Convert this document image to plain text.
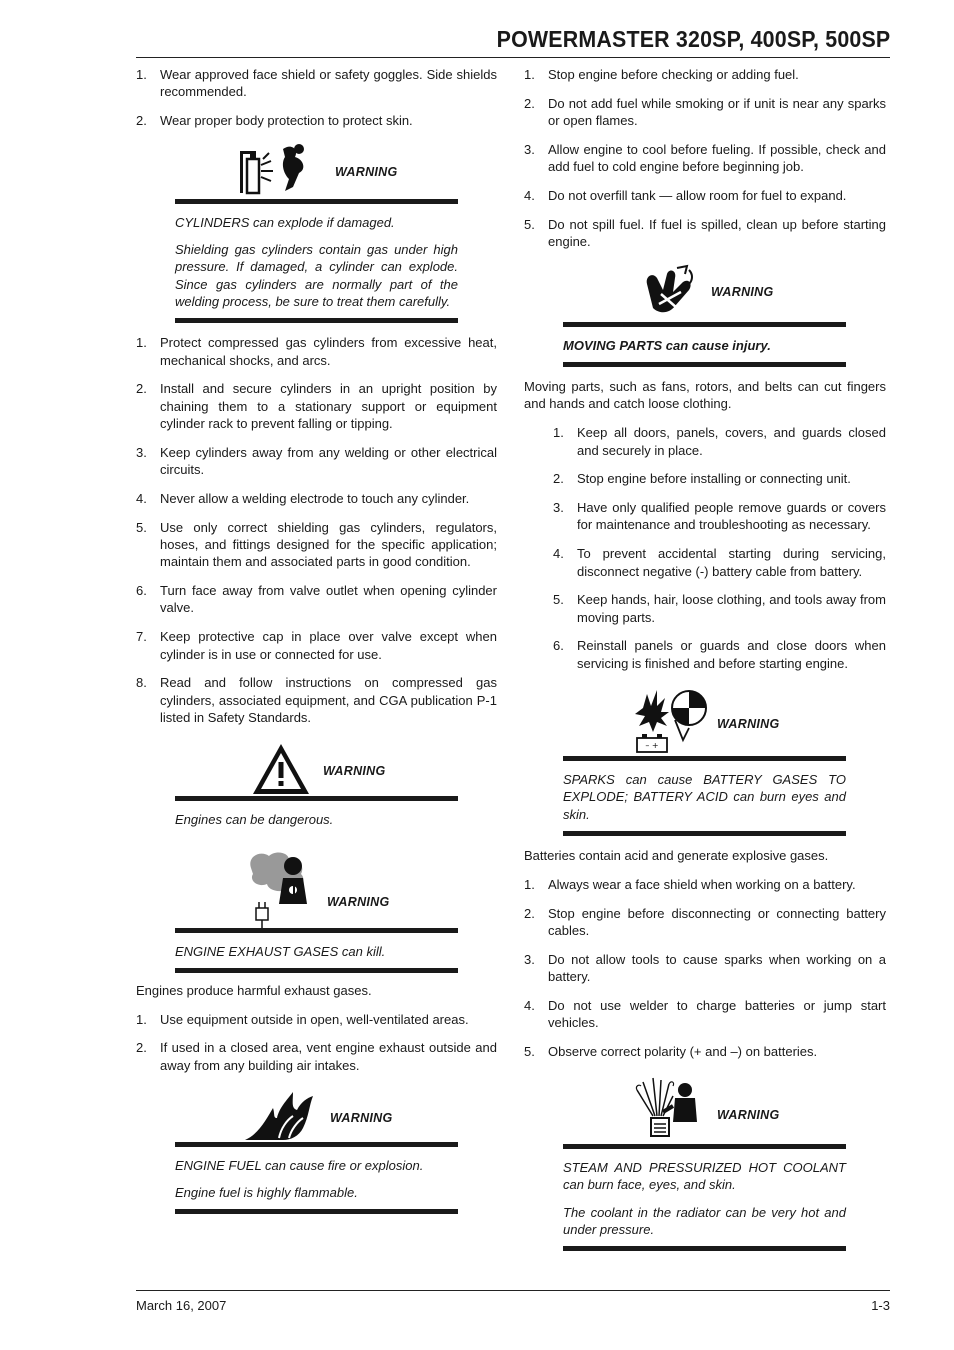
POWERMASTER 320SP, 400SP, 500SP
1. Wear approved face shield or safety goggles. Side shields recommended.
2. Wear proper body protection to protect skin.
WARNING

CYLINDERS can explode if damaged.

Shielding gas cylinders contain gas under high pressure. If damaged, a cylinder can explode. Since gas cylinders are normally part of the welding process, be sure to treat them carefully.

1. Protect compressed gas cylinders from excessive heat, mechanical shocks, and arcs.
2. Install and secure cylinders in an upright position by chaining them to a stationary support or equipment cylinder rack to prevent falling or tipping.
3. Keep cylinders away from any welding or other electrical circuits.
4. Never allow a welding electrode to touch any cylinder.
5. Use only correct shielding gas cylinders, regulators, hoses, and fittings designed for the specific application; maintain them and associated parts in good condition.
6. Turn face away from valve outlet when opening cylinder valve.
7. Keep protective cap in place over valve except when cylinder is in use or connected for use.
8. Read and follow instructions on compressed gas cylinders, associated equipment, and CGA publication P-1 listed in Safety Standards.
WARNING

Engines can be dangerous.

WARNING

ENGINE EXHAUST GASES can kill.

Engines produce harmful exhaust gases.

1. Use equipment outside in open, well-ventilated areas.
2. If used in a closed area, vent engine exhaust outside and away from any building air intakes.
WARNING

ENGINE FUEL can cause fire or explosion.

Engine fuel is highly flammable.

1. Stop engine before checking or adding fuel.
2. Do not add fuel while smoking or if unit is near any sparks or open flames.
3. Allow engine to cool before fueling. If possible, check and add fuel to cold engine before beginning job.
4. Do not overfill tank — allow room for fuel to expand.
5. Do not spill fuel. If fuel is spilled, clean up before starting engine.
WARNING

MOVING PARTS can cause injury.

Moving parts, such as fans, rotors, and belts can cut fingers and hands and catch loose clothing.

1. Keep all doors, panels, covers, and guards closed and securely in place.
2. Stop engine before installing or connecting unit.
3. Have only qualified people remove guards or covers for maintenance and troubleshooting as necessary.
4. To prevent accidental starting during servicing, disconnect negative (-) battery cable from battery.
5. Keep hands, hair, loose clothing, and tools away from moving parts.
6. Reinstall panels or guards and close doors when servicing is finished and before starting engine.
– +
WARNING

SPARKS can cause BATTERY GASES TO EXPLODE; BATTERY ACID can burn eyes and skin.

Batteries contain acid and generate explosive gases.

1. Always wear a face shield when working on a battery.
2. Stop engine before disconnecting or connecting battery cables.
3. Do not allow tools to cause sparks when working on a battery.
4. Do not use welder to charge batteries or jump start vehicles.
5. Observe correct polarity (+ and –) on batteries.
WARNING

STEAM AND PRESSURIZED HOT COOLANT can burn face, eyes, and skin.

The coolant in the radiator can be very hot and under pressure.

March 16, 2007	1-3
